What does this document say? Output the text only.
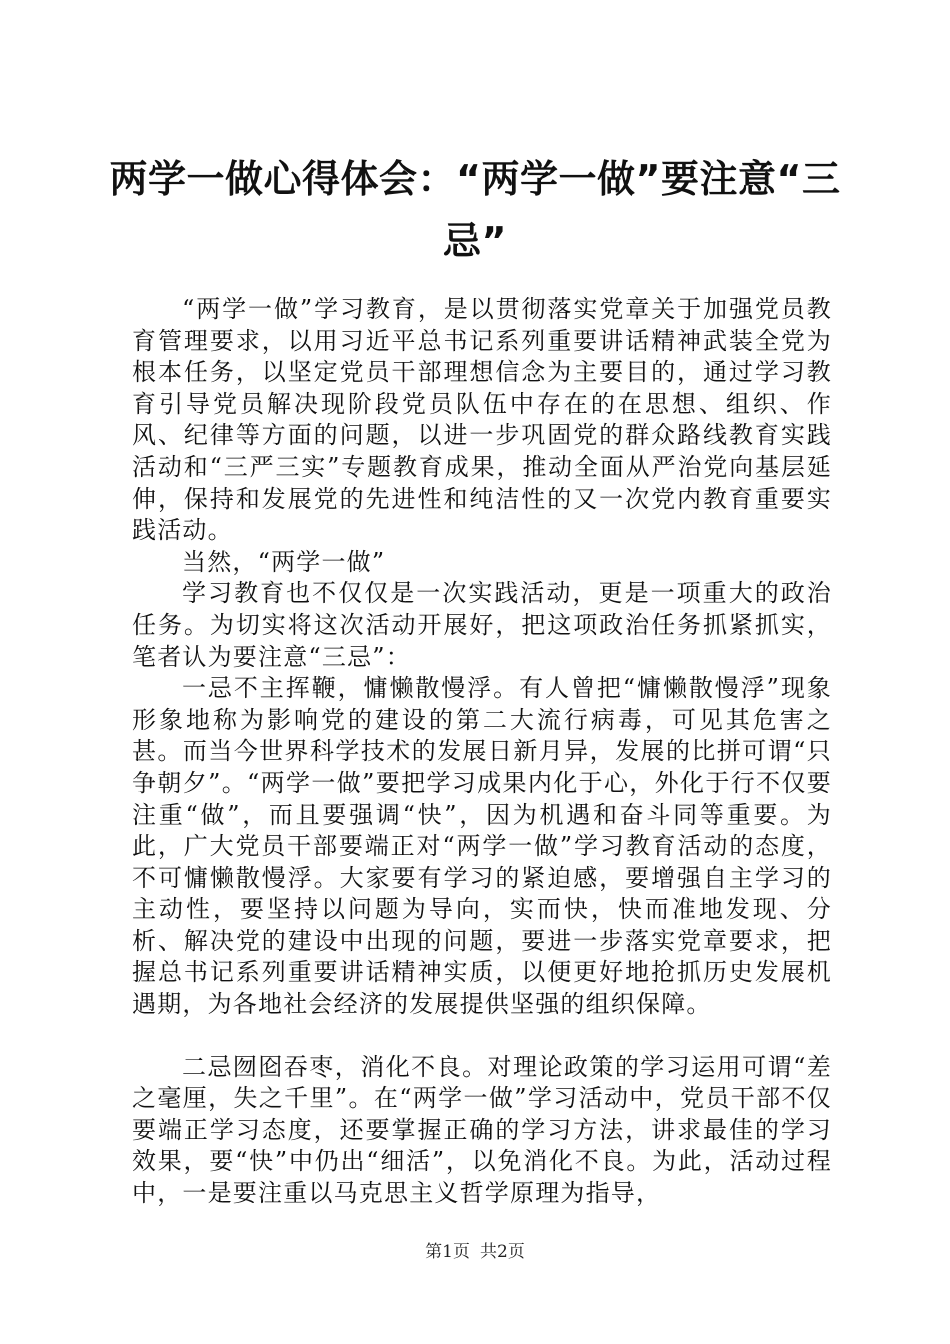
两学一做心得体会：“两学一做”要注意“三忌”

“两学一做”学习教育，是以贯彻落实党章关于加强党员教育管理要求，以用习近平总书记系列重要讲话精神武装全党为根本任务，以坚定党员干部理想信念为主要目的，通过学习教育引导党员解决现阶段党员队伍中存在的在思想、组织、作风、纪律等方面的问题，以进一步巩固党的群众路线教育实践活动和“三严三实”专题教育成果，推动全面从严治党向基层延伸，保持和发展党的先进性和纯洁性的又一次党内教育重要实践活动。

当然，“两学一做”

学习教育也不仅仅是一次实践活动，更是一项重大的政治任务。为切实将这次活动开展好，把这项政治任务抓紧抓实，笔者认为要注意“三忌”：

一忌不主挥鞭，慵懒散慢浮。有人曾把“慵懒散慢浮”现象形象地称为影响党的建设的第二大流行病毒，可见其危害之甚。而当今世界科学技术的发展日新月异，发展的比拼可谓“只争朝夕”。“两学一做”要把学习成果内化于心，外化于行不仅要注重“做”，而且要强调“快”，因为机遇和奋斗同等重要。为此，广大党员干部要端正对“两学一做”学习教育活动的态度，不可慵懒散慢浮。大家要有学习的紧迫感，要增强自主学习的主动性，要坚持以问题为导向，实而快，快而准地发现、分析、解决党的建设中出现的问题，要进一步落实党章要求，把握总书记系列重要讲话精神实质，以便更好地抢抓历史发展机遇期，为各地社会经济的发展提供坚强的组织保障。

二忌囫囵吞枣，消化不良。对理论政策的学习运用可谓“差之毫厘，失之千里”。在“两学一做”学习活动中，党员干部不仅要端正学习态度，还要掌握正确的学习方法，讲求最佳的学习效果，要“快”中仍出“细活”，以免消化不良。为此，活动过程中，一是要注重以马克思主义哲学原理为指导，

第1页 共2页
